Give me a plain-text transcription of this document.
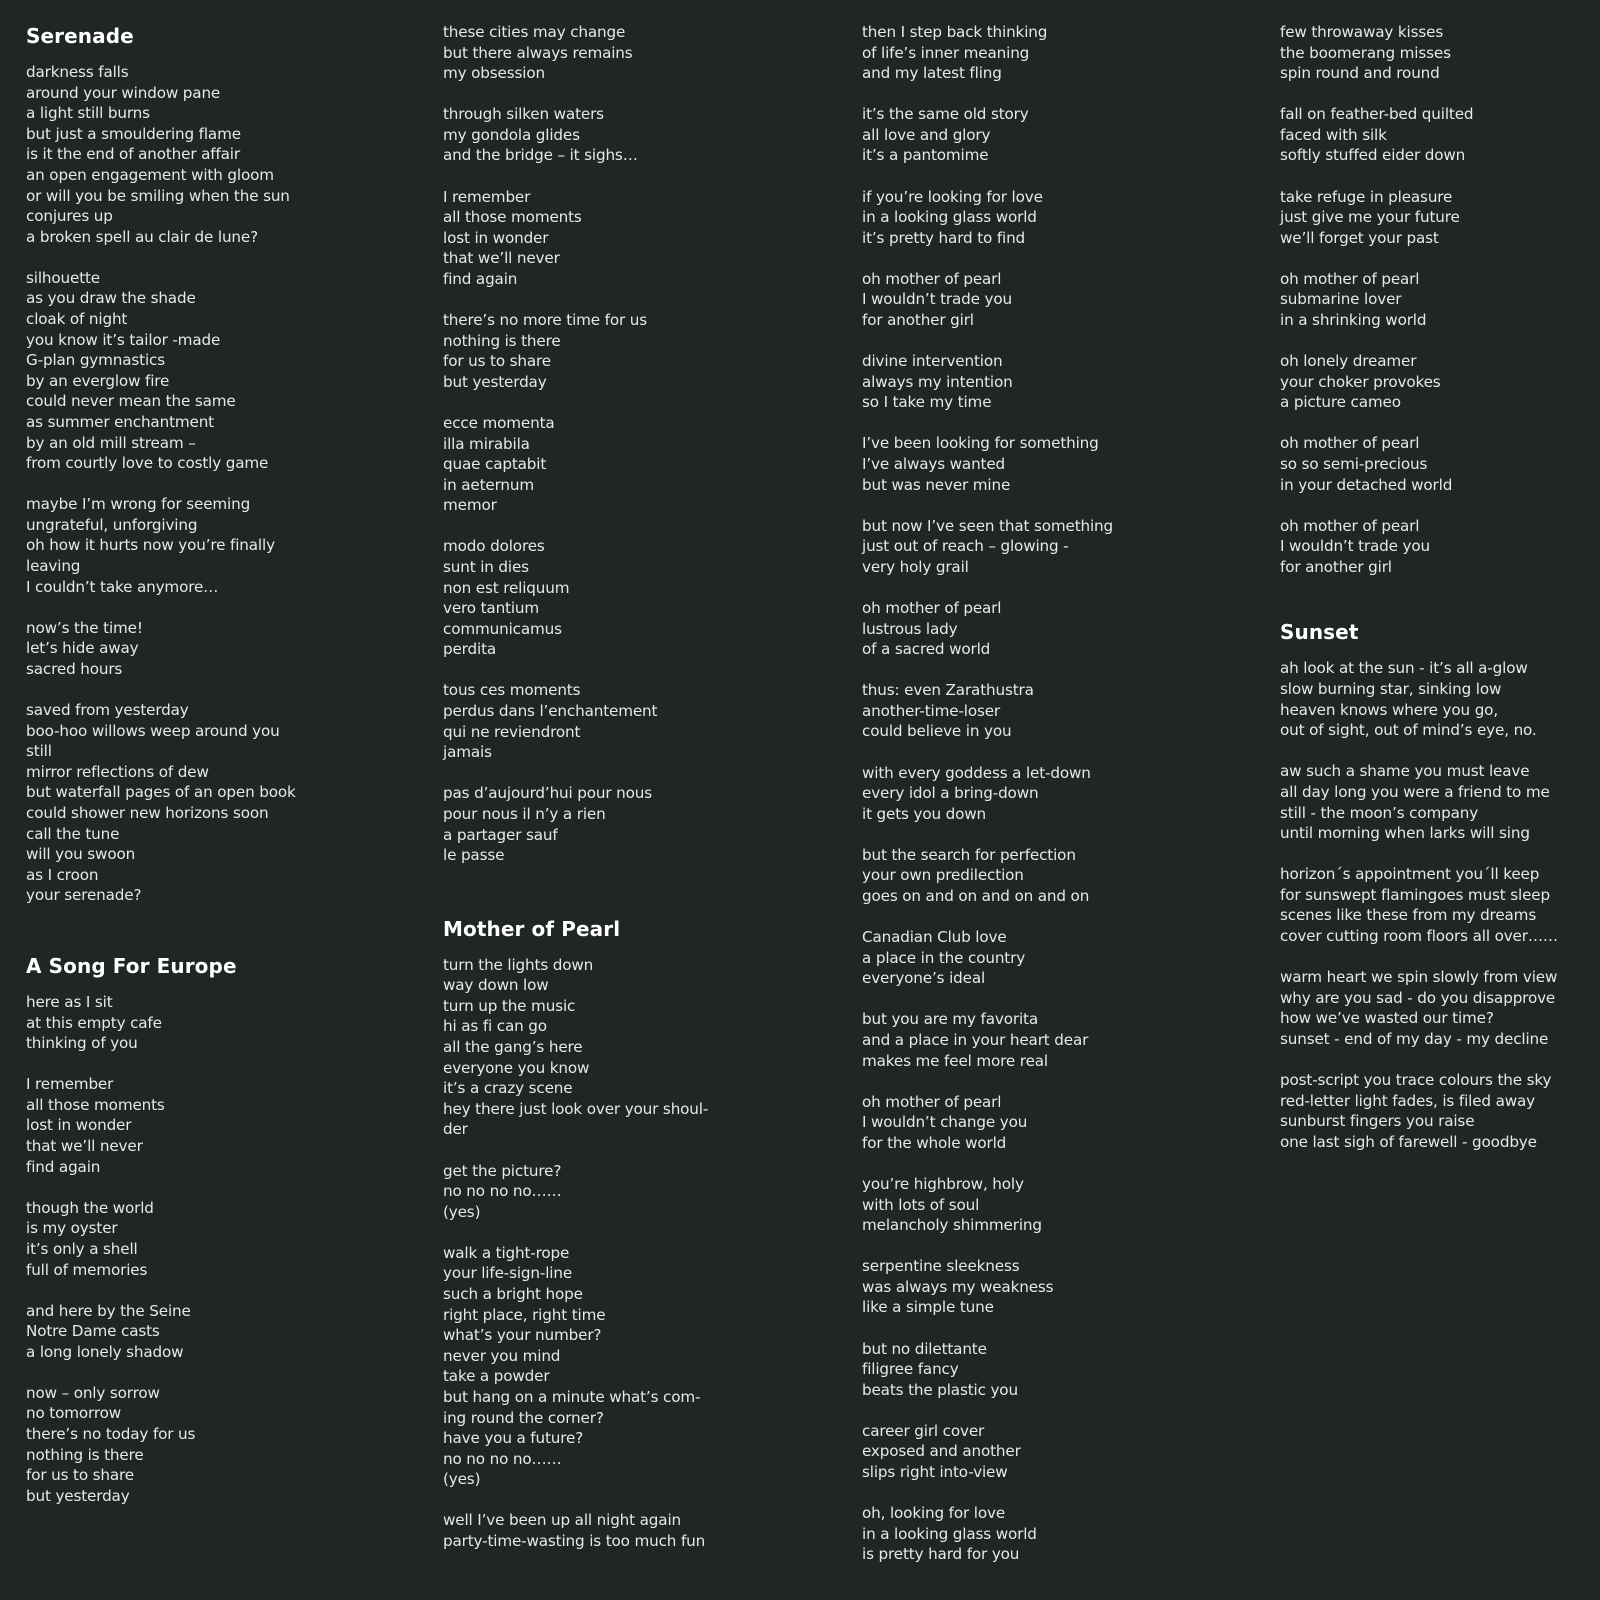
Serenade
darkness falls
around your window pane
a light still burns
but just a smouldering flame
is it the end of another affair
an open engagement with gloom
or will you be smiling when the sun
conjures up
a broken spell au clair de lune?
silhouette
as you draw the shade
cloak of night
you know it’s tailor -made
G-plan gymnastics
by an everglow fire
could never mean the same
as summer enchantment
by an old mill stream –
from courtly love to costly game
maybe I’m wrong for seeming
ungrateful, unforgiving
oh how it hurts now you’re finally
leaving
I couldn’t take anymore…
now’s the time!
let’s hide away
sacred hours
saved from yesterday
boo-hoo willows weep around you
still
mirror reflections of dew
but waterfall pages of an open book
could shower new horizons soon
call the tune
will you swoon
as I croon
your serenade?
A Song For Europe
here as I sit
at this empty cafe
thinking of you
I remember
all those moments
lost in wonder
that we’ll never
find again
though the world
is my oyster
it’s only a shell
full of memories
and here by the Seine
Notre Dame casts
a long lonely shadow
now – only sorrow
no tomorrow
there’s no today for us
nothing is there
for us to share
but yesterday
these cities may change
but there always remains
my obsession
through silken waters
my gondola glides
and the bridge – it sighs…
I remember
all those moments
lost in wonder
that we’ll never
find again
there’s no more time for us
nothing is there
for us to share
but yesterday
ecce momenta
illa mirabila
quae captabit
in aeternum
memor
modo dolores
sunt in dies
non est reliquum
vero tantium
communicamus
perdita
tous ces moments
perdus dans l’enchantement
qui ne reviendront
jamais
pas d’aujourd’hui pour nous
pour nous il n’y a rien
a partager sauf
le passe
Mother of Pearl
turn the lights down
way down low
turn up the music
hi as fi can go
all the gang’s here
everyone you know
it’s a crazy scene
hey there just look over your shoul-
der
get the picture?
no no no no……
(yes)
walk a tight-rope
your life-sign-line
such a bright hope
right place, right time
what’s your number?
never you mind
take a powder
but hang on a minute what’s com-
ing round the corner?
have you a future?
no no no no……
(yes)
well I’ve been up all night again
party-time-wasting is too much fun
then I step back thinking
of life’s inner meaning
and my latest fling
it’s the same old story
all love and glory
it’s a pantomime
if you’re looking for love
in a looking glass world
it’s pretty hard to find
oh mother of pearl
I wouldn’t trade you
for another girl
divine intervention
always my intention
so I take my time
I’ve been looking for something
I’ve always wanted
but was never mine
but now I’ve seen that something
just out of reach – glowing -
very holy grail
oh mother of pearl
lustrous lady
of a sacred world
thus: even Zarathustra
another-time-loser
could believe in you
with every goddess a let-down
every idol a bring-down
it gets you down
but the search for perfection
your own predilection
goes on and on and on and on
Canadian Club love
a place in the country
everyone’s ideal
but you are my favorita
and a place in your heart dear
makes me feel more real
oh mother of pearl
I wouldn’t change you
for the whole world
you’re highbrow, holy
with lots of soul
melancholy shimmering
serpentine sleekness
was always my weakness
like a simple tune
but no dilettante
filigree fancy
beats the plastic you
career girl cover
exposed and another
slips right into-view
oh, looking for love
in a looking glass world
is pretty hard for you
few throwaway kisses
the boomerang misses
spin round and round
fall on feather-bed quilted
faced with silk
softly stuffed eider down
take refuge in pleasure
just give me your future
we’ll forget your past
oh mother of pearl
submarine lover
in a shrinking world
oh lonely dreamer
your choker provokes
a picture cameo
oh mother of pearl
so so semi-precious
in your detached world
oh mother of pearl
I wouldn’t trade you
for another girl
Sunset
ah look at the sun - it’s all a-glow
slow burning star, sinking low
heaven knows where you go,
out of sight, out of mind’s eye, no.
aw such a shame you must leave
all day long you were a friend to me
still - the moon’s company
until morning when larks will sing
horizon´s appointment you´ll keep
for sunswept flamingoes must sleep
scenes like these from my dreams
cover cutting room floors all over……
warm heart we spin slowly from view
why are you sad - do you disapprove
how we’ve wasted our time?
sunset - end of my day - my decline
post-script you trace colours the sky
red-letter light fades, is filed away
sunburst fingers you raise
one last sigh of farewell - goodbye
